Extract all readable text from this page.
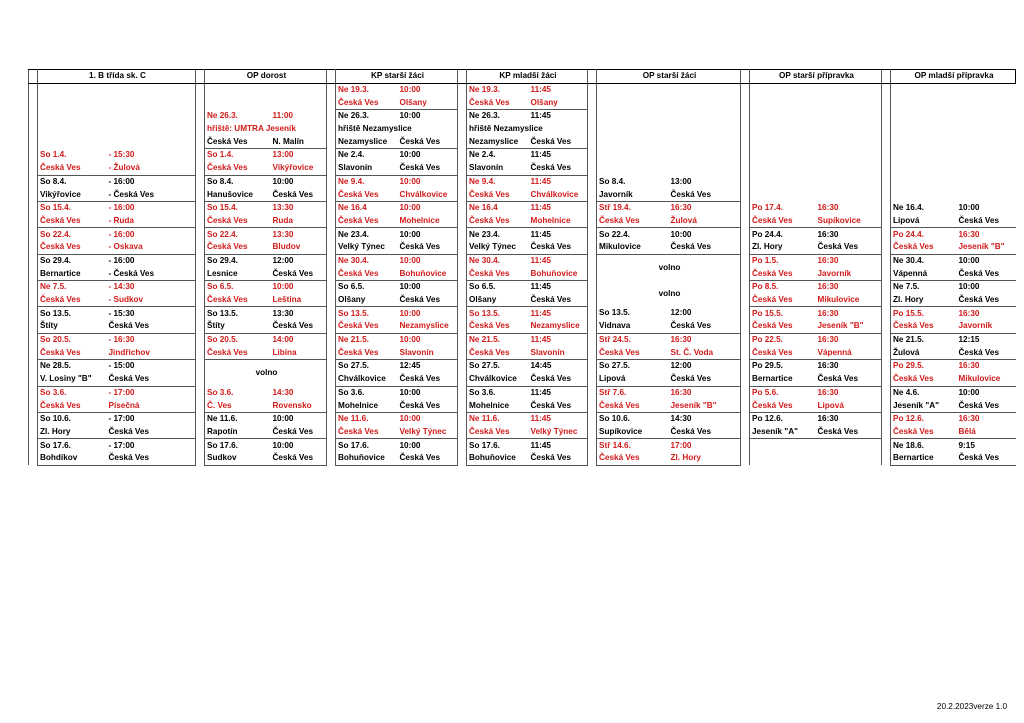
	1. B třída sk. C			OP dorost			KP starší žáci			KP mladší žáci			OP starší žáci			OP starší přípravka			OP mladší přípravka	
							Ne 19.3.	10:00		Ne 19.3.	11:45									
							Česká Ves	Olšany		Česká Ves	Olšany									
				Ne 26.3.	11:00		Ne 26.3.	10:00		Ne 26.3.	11:45									
				hřiště: UMTRA Jeseník			hřiště Nezamyslice			hřiště Nezamyslice										
				Česká Ves	N. Malín		Nezamyslice	Česká Ves		Nezamyslice	Česká Ves									
	So 1.4.	- 15:30		So 1.4.	13:00		Ne 2.4.	10:00		Ne 2.4.	11:45									
	Česká Ves	- Žulová		Česká Ves	Vikýřovice		Slavonín	Česká Ves		Slavonín	Česká Ves									
	So 8.4.	- 16:00		So 8.4.	10:00		Ne 9.4.	10:00		Ne 9.4.	11:45		So 8.4.	13:00						
	Vikýřovice	- Česká Ves		Hanušovice	Česká Ves		Česká Ves	Chválkovice		Česká Ves	Chválkovice		Javorník	Česká Ves						
	So 15.4.	- 16:00		So 15.4.	13:30		Ne 16.4	10:00		Ne 16.4	11:45		Stř 19.4.	16:30		Po 17.4.	16:30		Ne 16.4.	10:00
	Česká Ves	- Ruda		Česká Ves	Ruda		Česká Ves	Mohelnice		Česká Ves	Mohelnice		Česká Ves	Žulová		Česká Ves	Supíkovice		Lipová	Česká Ves
	So 22.4.	- 16:00		So 22.4.	13:30		Ne 23.4.	10:00		Ne 23.4.	11:45		So 22.4.	10:00		Po 24.4.	16:30		Po 24.4.	16:30
	Česká Ves	- Oskava		Česká Ves	Bludov		Velký Týnec	Česká Ves		Velký Týnec	Česká Ves		Mikulovice	Česká Ves		Zl. Hory	Česká Ves		Česká Ves	Jeseník "B"
	So 29.4.	- 16:00		So 29.4.	12:00		Ne 30.4.	10:00		Ne 30.4.	11:45		volno			Po 1.5.	16:30		Ne 30.4.	10:00
	Bernartice	- Česká Ves		Lesnice	Česká Ves		Česká Ves	Bohuňovice		Česká Ves	Bohuňovice					Česká Ves	Javorník		Vápenná	Česká Ves
	Ne 7.5.	- 14:30		So 6.5.	10:00		So 6.5.	10:00		So 6.5.	11:45		volno			Po 8.5.	16:30		Ne 7.5.	10:00
	Česká Ves	- Sudkov		Česká Ves	Leština		Olšany	Česká Ves		Olšany	Česká Ves					Česká Ves	Mikulovice		Zl. Hory	Česká Ves
	So 13.5.	- 15:30		So 13.5.	13:30		So 13.5.	10:00		So 13.5.	11:45		So 13.5.	12:00		Po 15.5.	16:30		Po 15.5.	16:30
	Štíty	Česká Ves		Štíty	Česká Ves		Česká Ves	Nezamyslice		Česká Ves	Nezamyslice		Vidnava	Česká Ves		Česká Ves	Jeseník "B"		Česká Ves	Javorník
	So 20.5.	- 16:30		So 20.5.	14:00		Ne 21.5.	10:00		Ne 21.5.	11:45		Stř 24.5.	16:30		Po 22.5.	16:30		Ne 21.5.	12:15
	Česká Ves	Jindřichov		Česká Ves	Libina		Česká Ves	Slavonín		Česká Ves	Slavonín		Česká Ves	St. Č. Voda		Česká Ves	Vápenná		Žulová	Česká Ves
	Ne 28.5.	- 15:00		volno			So 27.5.	12:45		So 27.5.	14:45		So 27.5.	12:00		Po 29.5.	16:30		Po 29.5.	16:30
	V. Losiny "B"	Česká Ves					Chválkovice	Česká Ves		Chválkovice	Česká Ves		Lipová	Česká Ves		Bernartice	Česká Ves		Česká Ves	Mikulovice
	So 3.6.	- 17:00		So 3.6.	14:30		So 3.6.	10:00		So 3.6.	11:45		Stř 7.6.	16:30		Po 5.6.	16:30		Ne 4.6.	10:00
	Česká Ves	Písečná		Č. Ves	Rovensko		Mohelnice	Česká Ves		Mohelnice	Česká Ves		Česká Ves	Jeseník "B"		Česká Ves	Lipová		Jeseník "A"	Česká Ves
	So 10.6.	- 17:00		Ne 11.6.	10:00		Ne 11.6.	10:00		Ne 11.6.	11:45		So 10.6.	14:30		Po 12.6.	16:30		Po 12.6.	16:30
	Zl. Hory	Česká Ves		Rapotín	Česká Ves		Česká Ves	Velký Týnec		Česká Ves	Velký Týnec		Supíkovice	Česká Ves		Jeseník "A"	Česká Ves		Česká Ves	Bělá
	So 17.6.	- 17:00		So 17.6.	10:00		So 17.6.	10:00		So 17.6.	11:45		Stř 14.6.	17:00					Ne 18.6.	9:15
	Bohdíkov	Česká Ves		Sudkov	Česká Ves		Bohuňovice	Česká Ves		Bohuňovice	Česká Ves		Česká Ves	Zl. Hory					Bernartice	Česká Ves
20.2.2023verze 1.0
